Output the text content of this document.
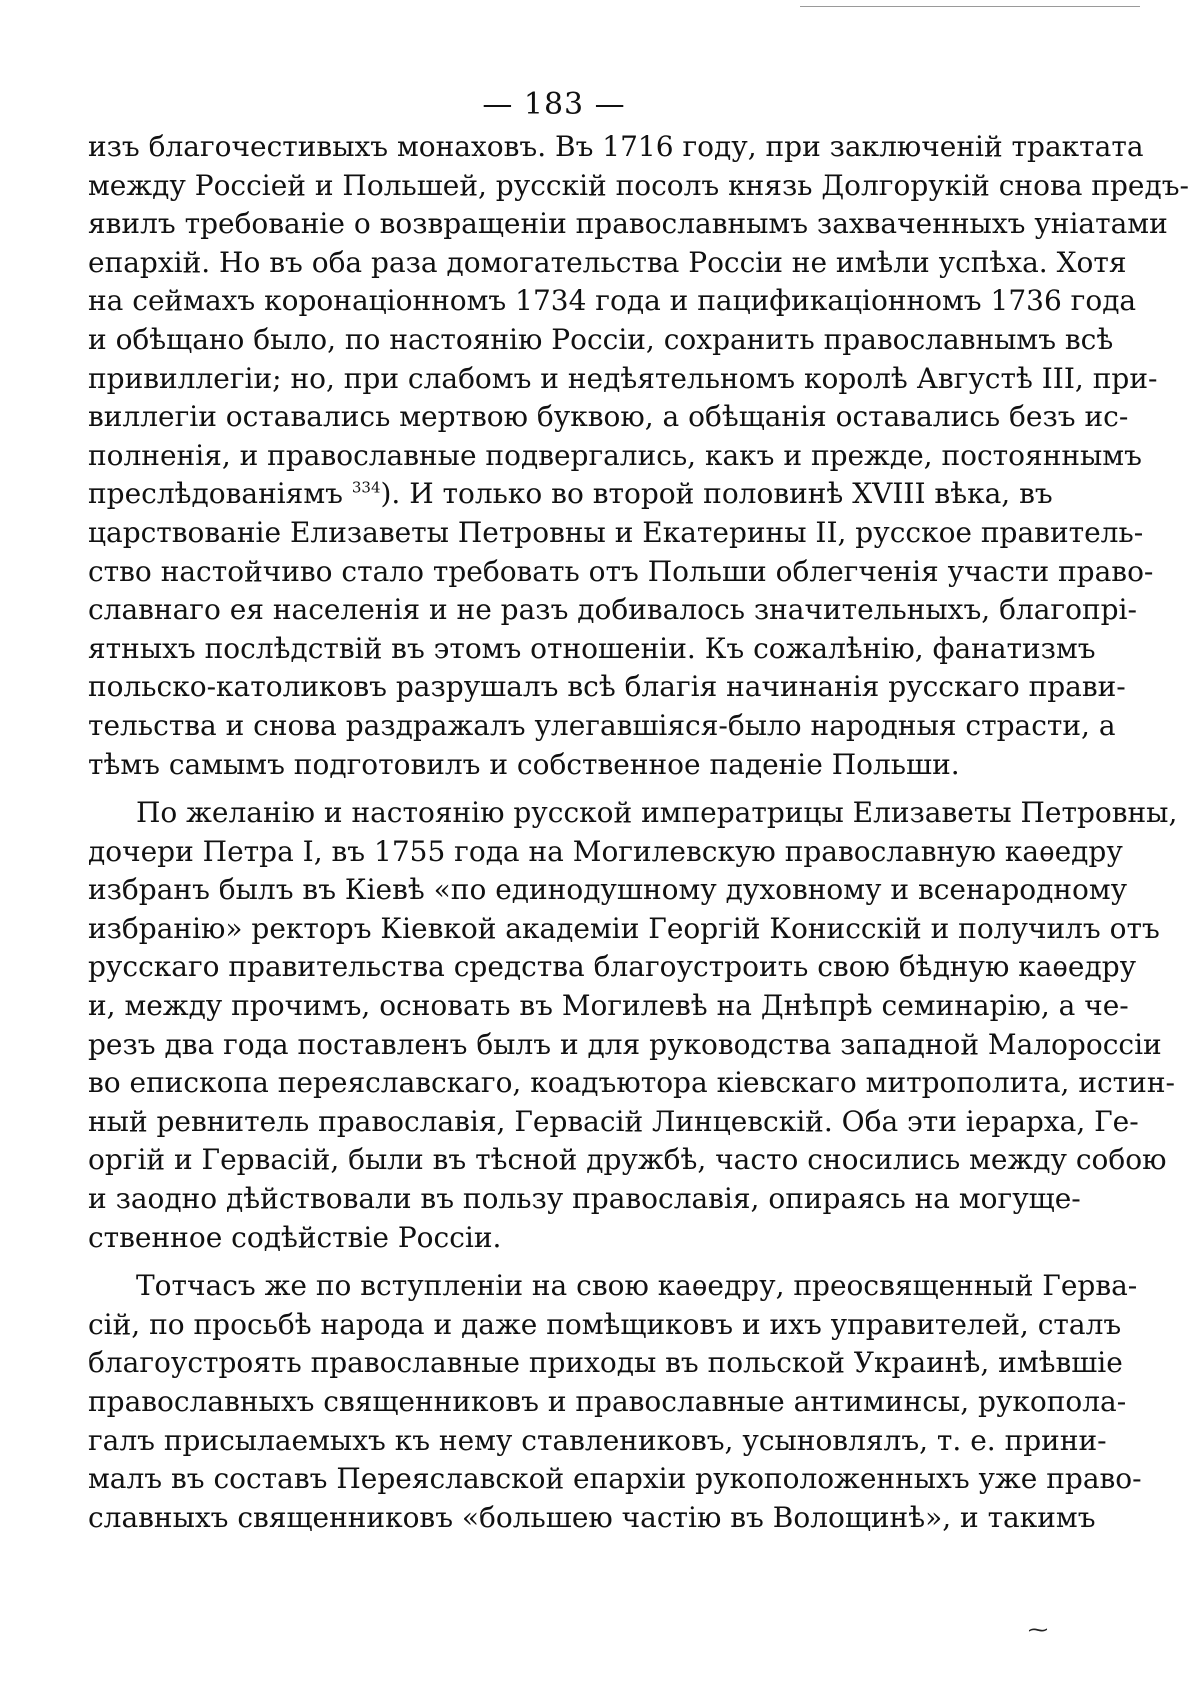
— 183 —
изъ благочестивыхъ монаховъ. Въ 1716 году, при заключеній трактата
между Россіей и Польшей, русскій посолъ князь Долгорукій снова предъ-
явилъ требованіе о возвращеніи православнымъ захваченныхъ уніатами
епархій. Но въ оба раза домогательства Россіи не имѣли успѣха. Хотя
на сеймахъ коронаціонномъ 1734 года и пацификаціонномъ 1736 года
и обѣщано было, по настоянію Россіи, сохранить православнымъ всѣ
привиллегіи; но, при слабомъ и недѣятельномъ королѣ Августѣ III, при-
виллегіи оставались мертвою буквою, а обѣщанія оставались безъ ис-
полненія, и православные подвергались, какъ и прежде, постояннымъ
преслѣдованіямъ $^{334}$). И только во второй половинѣ XVIII вѣка, въ
царствованіе Елизаветы Петровны и Екатерины II, русское правитель-
ство настойчиво стало требовать отъ Польши облегченія участи право-
славнаго ея населенія и не разъ добивалось значительныхъ, благопрі-
ятныхъ послѣдствій въ этомъ отношеніи. Къ сожалѣнію, фанатизмъ
польско-католиковъ разрушалъ всѣ благія начинанія русскаго прави-
тельства и снова раздражалъ улегавшіяся-было народныя страсти, а
тѣмъ самымъ подготовилъ и собственное паденіе Польши.
По желанію и настоянію русской императрицы Елизаветы Петровны,
дочери Петра I, въ 1755 года на Могилевскую православную каѳедру
избранъ былъ въ Кіевѣ «по единодушному духовному и всенародному
избранію» ректоръ Кіевкой академіи Георгій Конисскій и получилъ отъ
русскаго правительства средства благоустроить свою бѣдную каѳедру
и, между прочимъ, основать въ Могилевѣ на Днѣпрѣ семинарію, а че-
резъ два года поставленъ былъ и для руководства западной Малороссіи
во епископа переяславскаго, коадъютора кіевскаго митрополита, истин-
ный ревнитель православія, Гервасій Линцевскій. Оба эти іерарха, Ге-
оргій и Гервасій, были въ тѣсной дружбѣ, часто сносились между собою
и заодно дѣйствовали въ пользу православія, опираясь на могуще-
ственное содѣйствіе Россіи.
Тотчасъ же по вступленіи на свою каѳедру, преосвященный Герва-
сій, по просьбѣ народа и даже помѣщиковъ и ихъ управителей, сталъ
благоустроять православные приходы въ польской Украинѣ, имѣвшіе
православныхъ священниковъ и православные антиминсы, рукопола-
галъ присылаемыхъ къ нему ставлениковъ, усыновлялъ, т. е. прини-
малъ въ составъ Переяславской епархіи рукоположенныхъ уже право-
славныхъ священниковъ «большею частію въ Волощинѣ», и такимъ
⁓
